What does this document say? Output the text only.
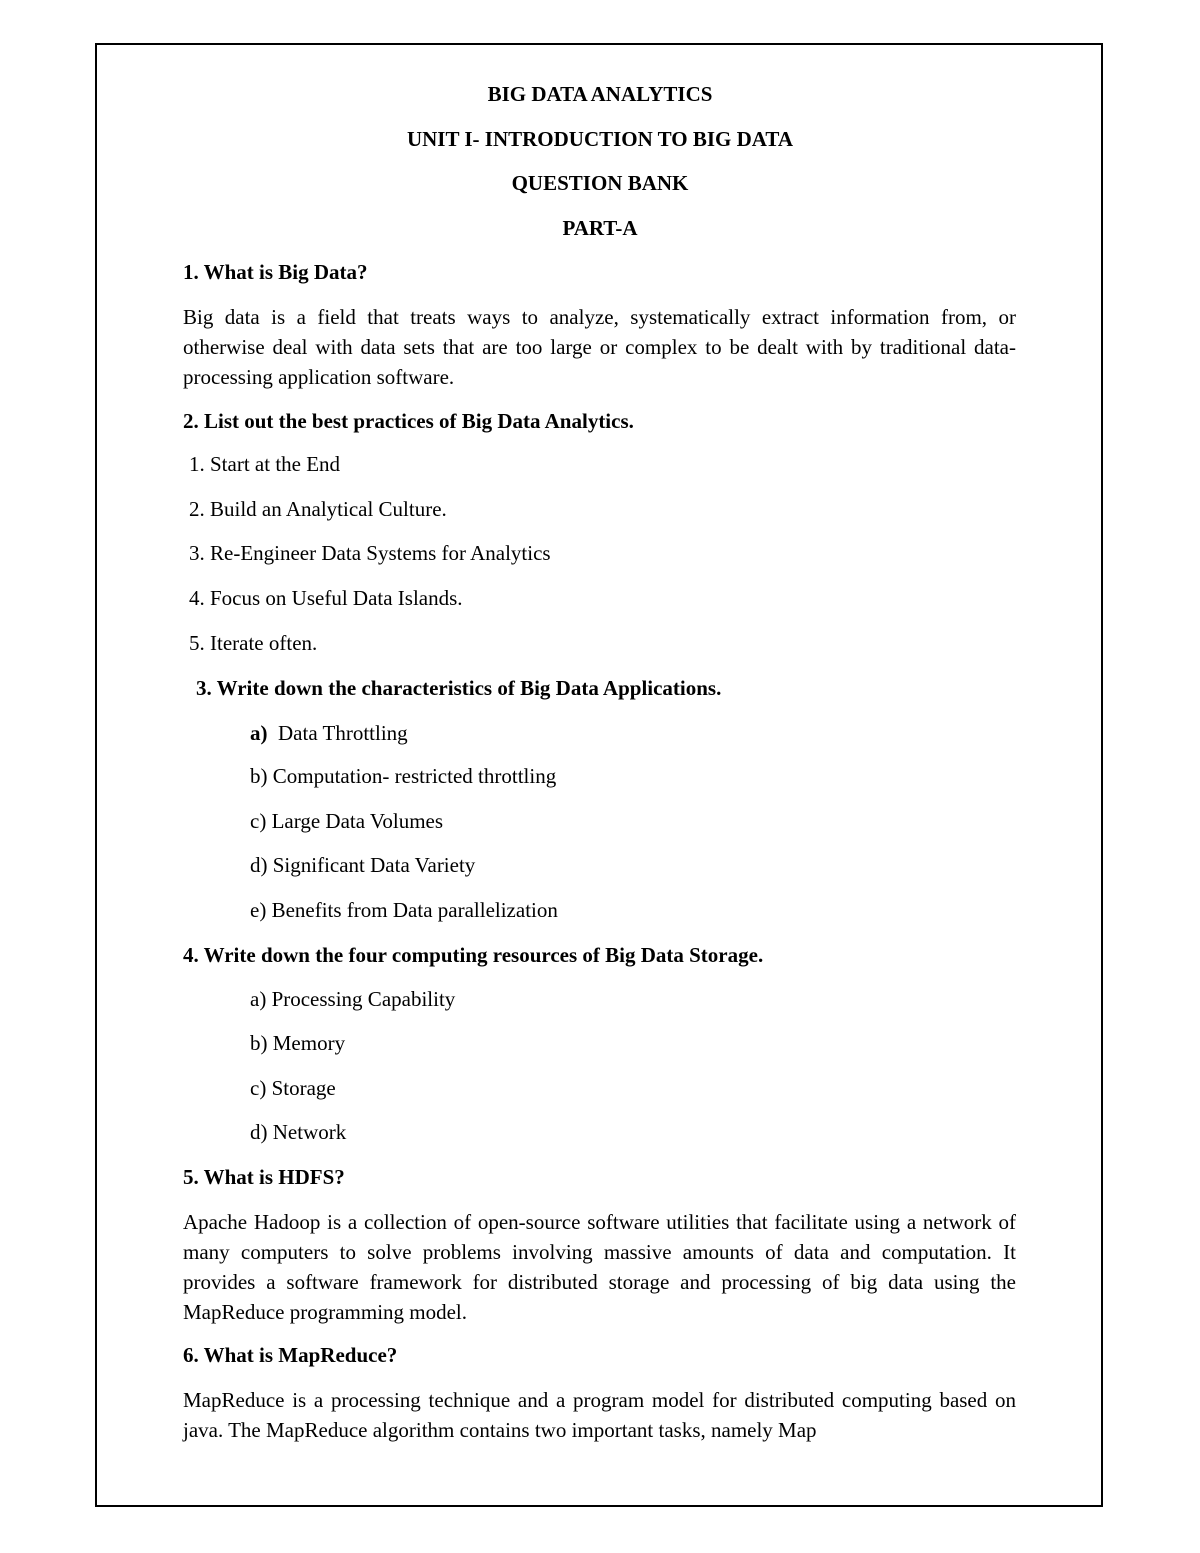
BIG DATA ANALYTICS
UNIT I- INTRODUCTION TO BIG DATA
QUESTION BANK
PART-A
1. What is Big Data?
Big data is a field that treats ways to analyze, systematically extract information from, or otherwise deal with data sets that are too large or complex to be dealt with by traditional data-processing application software.
2. List out the best practices of Big Data Analytics.
1. Start at the End
2. Build an Analytical Culture.
3. Re-Engineer Data Systems for Analytics
4. Focus on Useful Data Islands.
5. Iterate often.
3. Write down the characteristics of Big Data Applications.
a) Data Throttling
b) Computation- restricted throttling
c) Large Data Volumes
d) Significant Data Variety
e) Benefits from Data parallelization
4. Write down the four computing resources of Big Data Storage.
a) Processing Capability
b) Memory
c) Storage
d) Network
5. What is HDFS?
Apache Hadoop is a collection of open-source software utilities that facilitate using a network of many computers to solve problems involving massive amounts of data and computation. It provides a software framework for distributed storage and processing of big data using the MapReduce programming model.
6. What is MapReduce?
MapReduce is a processing technique and a program model for distributed computing based on java. The MapReduce algorithm contains two important tasks, namely Map
